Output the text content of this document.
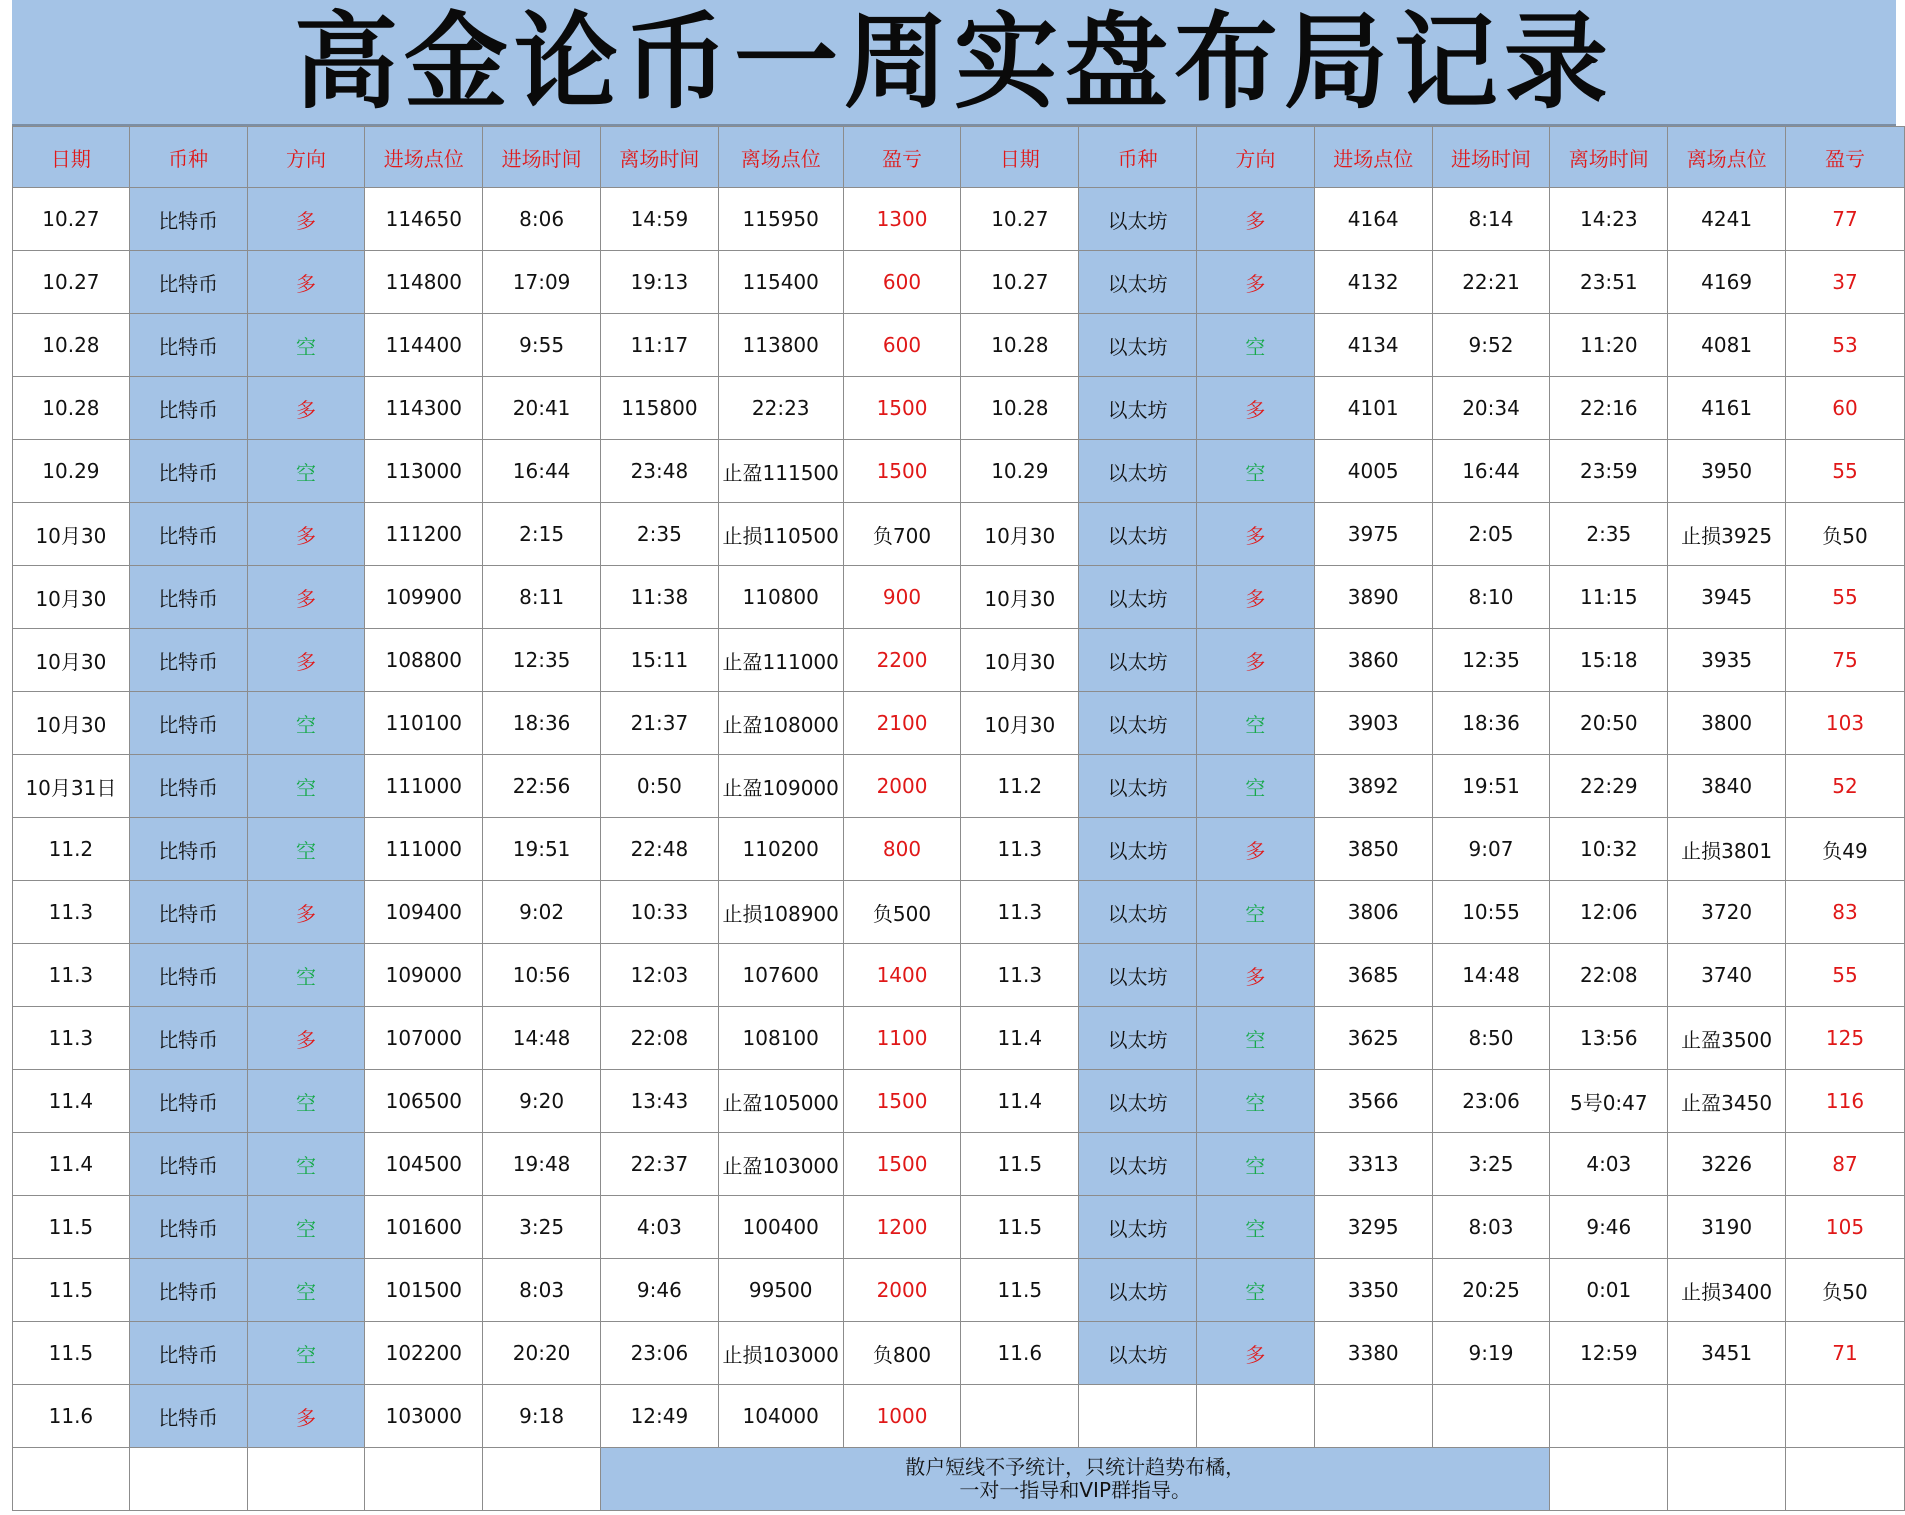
高金论币一周实盘布局记录
日期	币种	方向	进场点位	进场时间	离场时间	离场点位	盈亏	日期	币种	方向	进场点位	进场时间	离场时间	离场点位	盈亏
10.27	比特币	多	114650	8:06	14:59	115950	1300	10.27	以太坊	多	4164	8:14	14:23	4241	77
10.27	比特币	多	114800	17:09	19:13	115400	600	10.27	以太坊	多	4132	22:21	23:51	4169	37
10.28	比特币	空	114400	9:55	11:17	113800	600	10.28	以太坊	空	4134	9:52	11:20	4081	53
10.28	比特币	多	114300	20:41	115800	22:23	1500	10.28	以太坊	多	4101	20:34	22:16	4161	60
10.29	比特币	空	113000	16:44	23:48	止盈111500	1500	10.29	以太坊	空	4005	16:44	23:59	3950	55
10月30	比特币	多	111200	2:15	2:35	止损110500	负700	10月30	以太坊	多	3975	2:05	2:35	止损3925	负50
10月30	比特币	多	109900	8:11	11:38	110800	900	10月30	以太坊	多	3890	8:10	11:15	3945	55
10月30	比特币	多	108800	12:35	15:11	止盈111000	2200	10月30	以太坊	多	3860	12:35	15:18	3935	75
10月30	比特币	空	110100	18:36	21:37	止盈108000	2100	10月30	以太坊	空	3903	18:36	20:50	3800	103
10月31日	比特币	空	111000	22:56	0:50	止盈109000	2000	11.2	以太坊	空	3892	19:51	22:29	3840	52
11.2	比特币	空	111000	19:51	22:48	110200	800	11.3	以太坊	多	3850	9:07	10:32	止损3801	负49
11.3	比特币	多	109400	9:02	10:33	止损108900	负500	11.3	以太坊	空	3806	10:55	12:06	3720	83
11.3	比特币	空	109000	10:56	12:03	107600	1400	11.3	以太坊	多	3685	14:48	22:08	3740	55
11.3	比特币	多	107000	14:48	22:08	108100	1100	11.4	以太坊	空	3625	8:50	13:56	止盈3500	125
11.4	比特币	空	106500	9:20	13:43	止盈105000	1500	11.4	以太坊	空	3566	23:06	5号0:47	止盈3450	116
11.4	比特币	空	104500	19:48	22:37	止盈103000	1500	11.5	以太坊	空	3313	3:25	4:03	3226	87
11.5	比特币	空	101600	3:25	4:03	100400	1200	11.5	以太坊	空	3295	8:03	9:46	3190	105
11.5	比特币	空	101500	8:03	9:46	99500	2000	11.5	以太坊	空	3350	20:25	0:01	止损3400	负50
11.5	比特币	空	102200	20:20	23:06	止损103000	负800	11.6	以太坊	多	3380	9:19	12:59	3451	71
11.6	比特币	多	103000	9:18	12:49	104000	1000								

					散户短线不予统计，只统计趋势布橘，
一对一指导和VIP群指导。										
